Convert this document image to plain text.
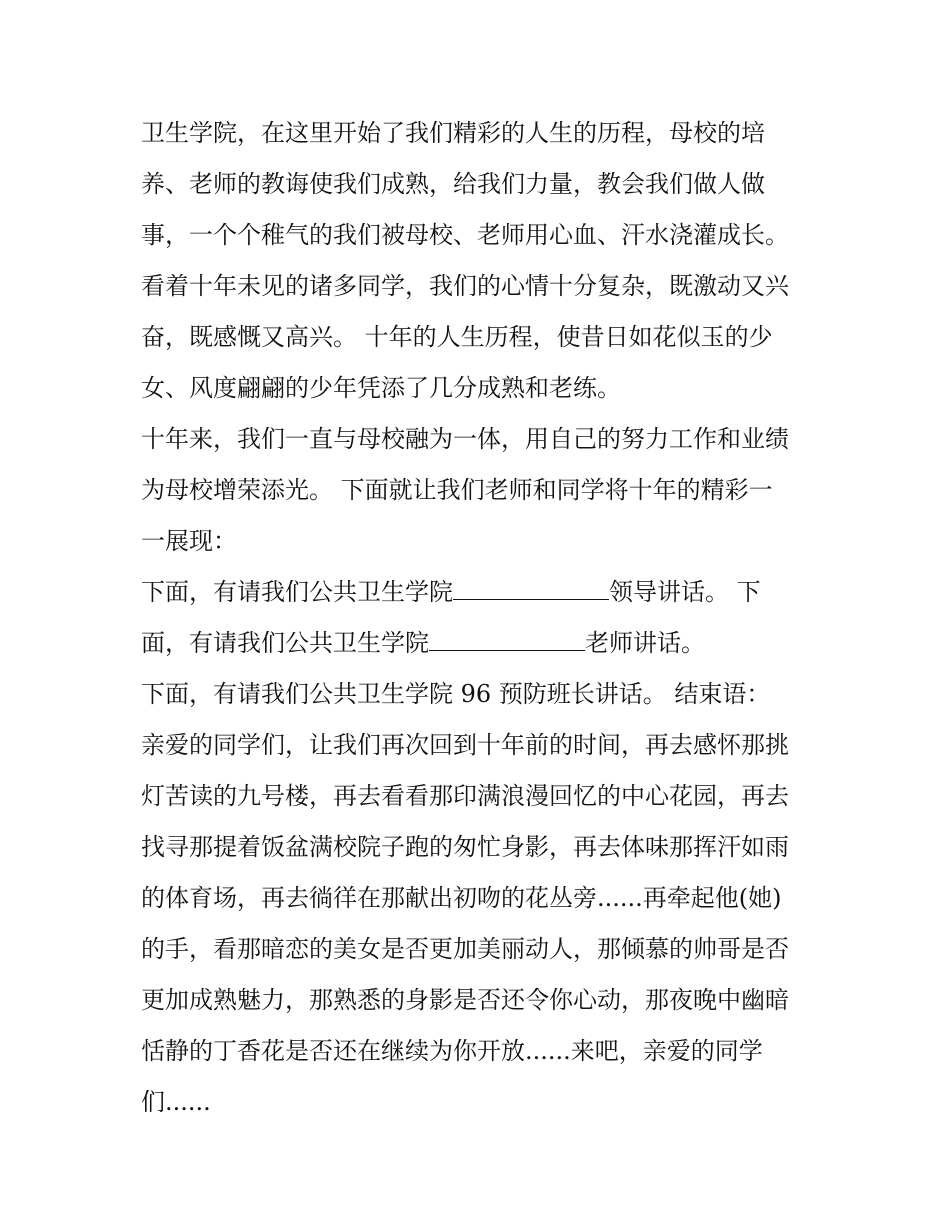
卫生学院，在这里开始了我们精彩的人生的历程，母校的培
养、老师的教诲使我们成熟，给我们力量，教会我们做人做
事，一个个稚气的我们被母校、老师用心血、汗水浇灌成长。
看着十年未见的诸多同学，我们的心情十分复杂，既激动又兴
奋，既感慨又高兴。 十年的人生历程，使昔日如花似玉的少
女、风度翩翩的少年凭添了几分成熟和老练。
十年来，我们一直与母校融为一体，用自己的努力工作和业绩
为母校增荣添光。 下面就让我们老师和同学将十年的精彩一
一展现：
下面，有请我们公共卫生学院	领导讲话。 下
面，有请我们公共卫生学院	老师讲话。
下面，有请我们公共卫生学院 96 预防班长讲话。 结束语：
亲爱的同学们，让我们再次回到十年前的时间，再去感怀那挑
灯苦读的九号楼，再去看看那印满浪漫回忆的中心花园，再去
找寻那提着饭盆满校院子跑的匆忙身影，再去体味那挥汗如雨
的体育场，再去徜徉在那献出初吻的花丛旁......再牵起他(她)
的手，看那暗恋的美女是否更加美丽动人，那倾慕的帅哥是否
更加成熟魅力，那熟悉的身影是否还令你心动，那夜晚中幽暗
恬静的丁香花是否还在继续为你开放......来吧，亲爱的同学
们......
